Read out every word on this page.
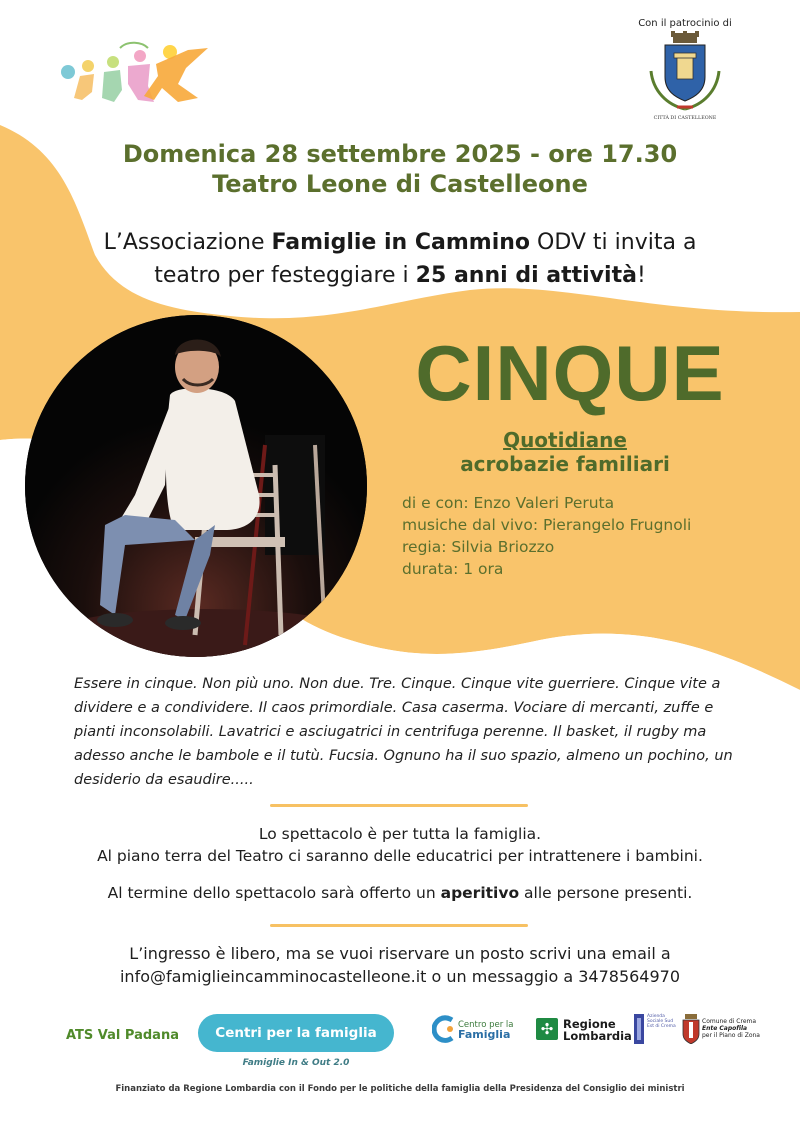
Con il patrocinio di
CITTÀ DI CASTELLEONE
Domenica 28 settembre 2025 - ore 17.30
Teatro Leone di Castelleone
L’Associazione Famiglie in Cammino ODV ti invita a
teatro per festeggiare i 25 anni di attività!
CINQUE
Quotidiane
acrobazie familiari
di e con: Enzo Valeri Peruta
musiche dal vivo: Pierangelo Frugnoli
regia: Silvia Briozzo
durata: 1 ora
Essere in cinque. Non più uno. Non due. Tre. Cinque. Cinque vite guerriere. Cinque vite a dividere e a condividere. Il caos primordiale. Casa caserma. Vociare di mercanti, zuffe e pianti inconsolabili. Lavatrici e asciugatrici in centrifuga perenne. Il basket, il rugby ma adesso anche le bambole e il tutù. Fucsia. Ognuno ha il suo spazio, almeno un pochino, un desiderio da esaudire.....
Lo spettacolo è per tutta la famiglia.
Al piano terra del Teatro ci saranno delle educatrici per intrattenere i bambini.
Al termine dello spettacolo sarà offerto un aperitivo alle persone presenti.
L’ingresso è libero, ma se vuoi riservare un posto scrivi una email a
info@famiglieincamminocastelleone.it o un messaggio a 3478564970
ATS Val Padana	Centri per la famiglia
Famiglie In & Out 2.0
Centro per la
Famiglia	✣ Regione
Lombardia
Azienda Sociale Sud Est di Crema
Comune di Crema
Ente Capofila
per il Piano di Zona
Finanziato da Regione Lombardia con il Fondo per le politiche della famiglia della Presidenza del Consiglio dei ministri
